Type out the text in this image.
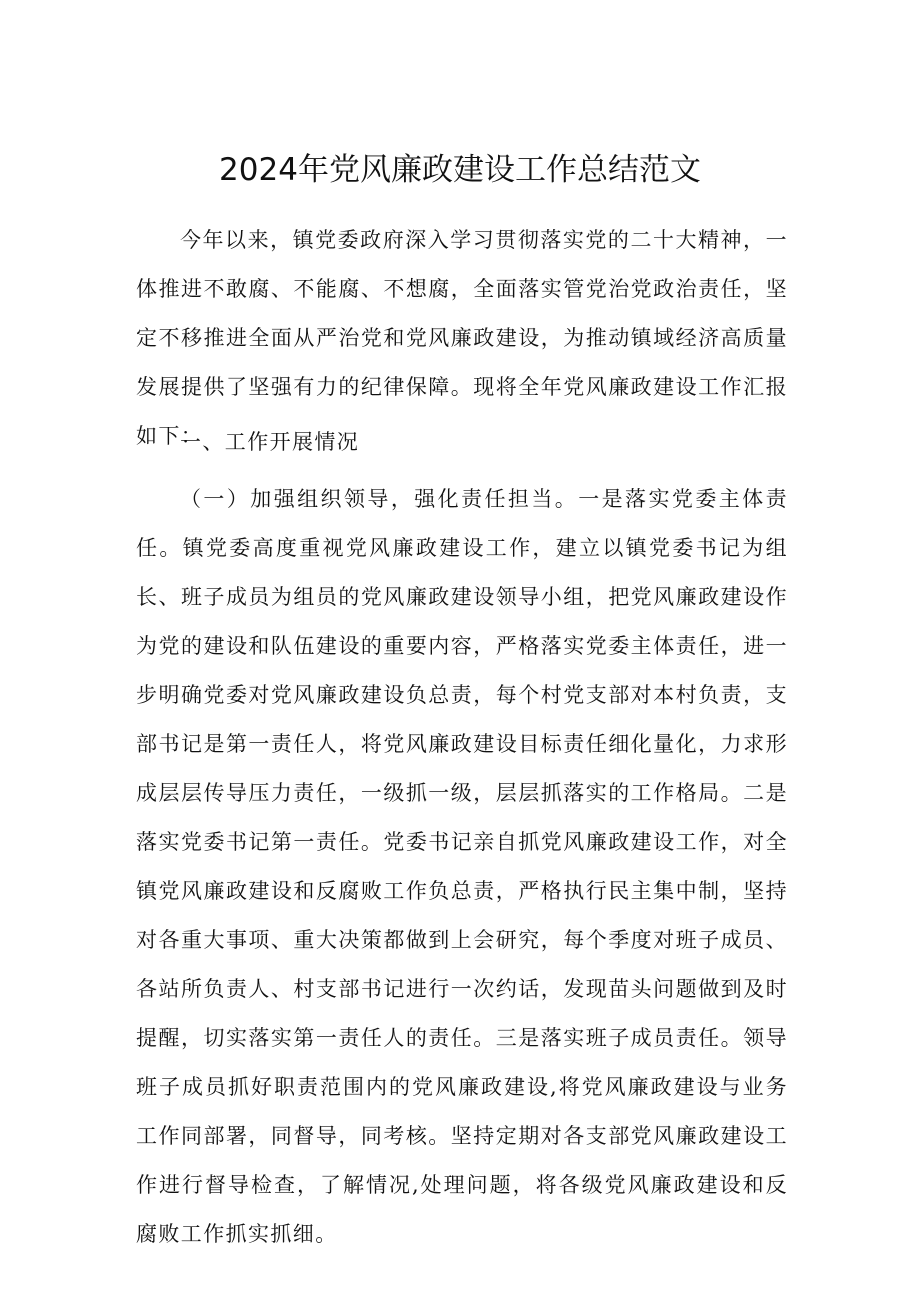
2024年党风廉政建设工作总结范文

今年以来，镇党委政府深入学习贯彻落实党的二十大精神，一体推进不敢腐、不能腐、不想腐，全面落实管党治党政治责任，坚定不移推进全面从严治党和党风廉政建设，为推动镇域经济高质量发展提供了坚强有力的纪律保障。现将全年党风廉政建设工作汇报如下：

一、工作开展情况

（一）加强组织领导，强化责任担当。一是落实党委主体责任。镇党委高度重视党风廉政建设工作，建立以镇党委书记为组长、班子成员为组员的党风廉政建设领导小组，把党风廉政建设作为党的建设和队伍建设的重要内容，严格落实党委主体责任，进一步明确党委对党风廉政建设负总责，每个村党支部对本村负责，支部书记是第一责任人，将党风廉政建设目标责任细化量化，力求形成层层传导压力责任，一级抓一级，层层抓落实的工作格局。二是落实党委书记第一责任。党委书记亲自抓党风廉政建设工作，对全镇党风廉政建设和反腐败工作负总责，严格执行民主集中制，坚持对各重大事项、重大决策都做到上会研究，每个季度对班子成员、各站所负责人、村支部书记进行一次约话，发现苗头问题做到及时提醒，切实落实第一责任人的责任。三是落实班子成员责任。领导班子成员抓好职责范围内的党风廉政建设,将党风廉政建设与业务工作同部署，同督导，同考核。坚持定期对各支部党风廉政建设工作进行督导检查，了解情况,处理问题，将各级党风廉政建设和反腐败工作抓实抓细。
